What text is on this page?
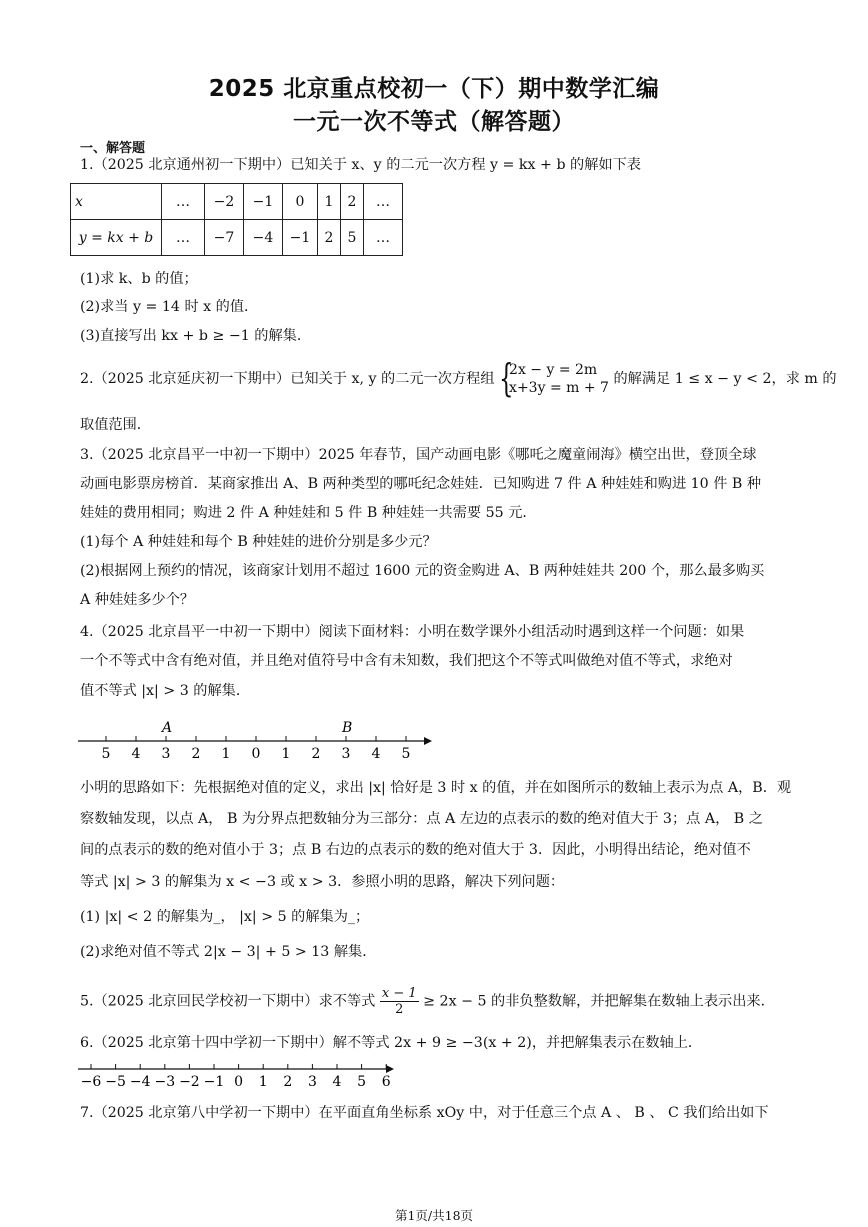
2025 北京重点校初一（下）期中数学汇编
一元一次不等式（解答题）
一、解答题
1.（2025 北京通州初一下期中）已知关于 x、y 的二元一次方程 y = kx + b 的解如下表
x	…	−2	−1	0	1	2	…
y = kx + b	…	−7	−4	−1	2	5	…
(1)求 k、b 的值；
(2)求当 y = 14 时 x 的值．
(3)直接写出 kx + b ≥ −1 的解集．
2.（2025 北京延庆初一下期中）已知关于 x, y 的二元一次方程组 {
2x − y = 2m
x+3y = m + 7
的解满足 1 ≤ x − y < 2，求 m 的
取值范围．
3.（2025 北京昌平一中初一下期中）2025 年春节，国产动画电影《哪吒之魔童闹海》横空出世，登顶全球
动画电影票房榜首．某商家推出 A、B 两种类型的哪吒纪念娃娃．已知购进 7 件 A 种娃娃和购进 10 件 B 种
娃娃的费用相同；购进 2 件 A 种娃娃和 5 件 B 种娃娃一共需要 55 元．
(1)每个 A 种娃娃和每个 B 种娃娃的进价分别是多少元？
(2)根据网上预约的情况，该商家计划用不超过 1600 元的资金购进 A、B 两种娃娃共 200 个，那么最多购买
A 种娃娃多少个？
4.（2025 北京昌平一中初一下期中）阅读下面材料：小明在数学课外小组活动时遇到这样一个问题：如果
一个不等式中含有绝对值，并且绝对值符号中含有未知数，我们把这个不等式叫做绝对值不等式，求绝对
值不等式 |x| > 3 的解集．
5 4 3 2 1 0 1 2 3 4 5
A	B
小明的思路如下：先根据绝对值的定义，求出 |x| 恰好是 3 时 x 的值，并在如图所示的数轴上表示为点 A，B．观
察数轴发现，以点 A， B 为分界点把数轴分为三部分：点 A 左边的点表示的数的绝对值大于 3；点 A， B 之
间的点表示的数的绝对值小于 3；点 B 右边的点表示的数的绝对值大于 3．因此，小明得出结论，绝对值不
等式 |x| > 3 的解集为 x < −3 或 x > 3．参照小明的思路，解决下列问题：
(1) |x| < 2 的解集为_， |x| > 5 的解集为_；
(2)求绝对值不等式 2|x − 3| + 5 > 13 解集．
5.（2025 北京回民学校初一下期中）求不等式 $\frac{x - 1}{2} \ge 2x - 5$ 的非负整数解，并把解集在数轴上表示出来．
6.（2025 北京第十四中学初一下期中）解不等式 2x + 9 ≥ −3(x + 2)，并把解集表示在数轴上．
−6 −5 −4 −3 −2 −1 0 1 2 3 4 5 6
7.（2025 北京第八中学初一下期中）在平面直角坐标系 xOy 中，对于任意三个点 A 、 B 、 C 我们给出如下
第1页/共18页
